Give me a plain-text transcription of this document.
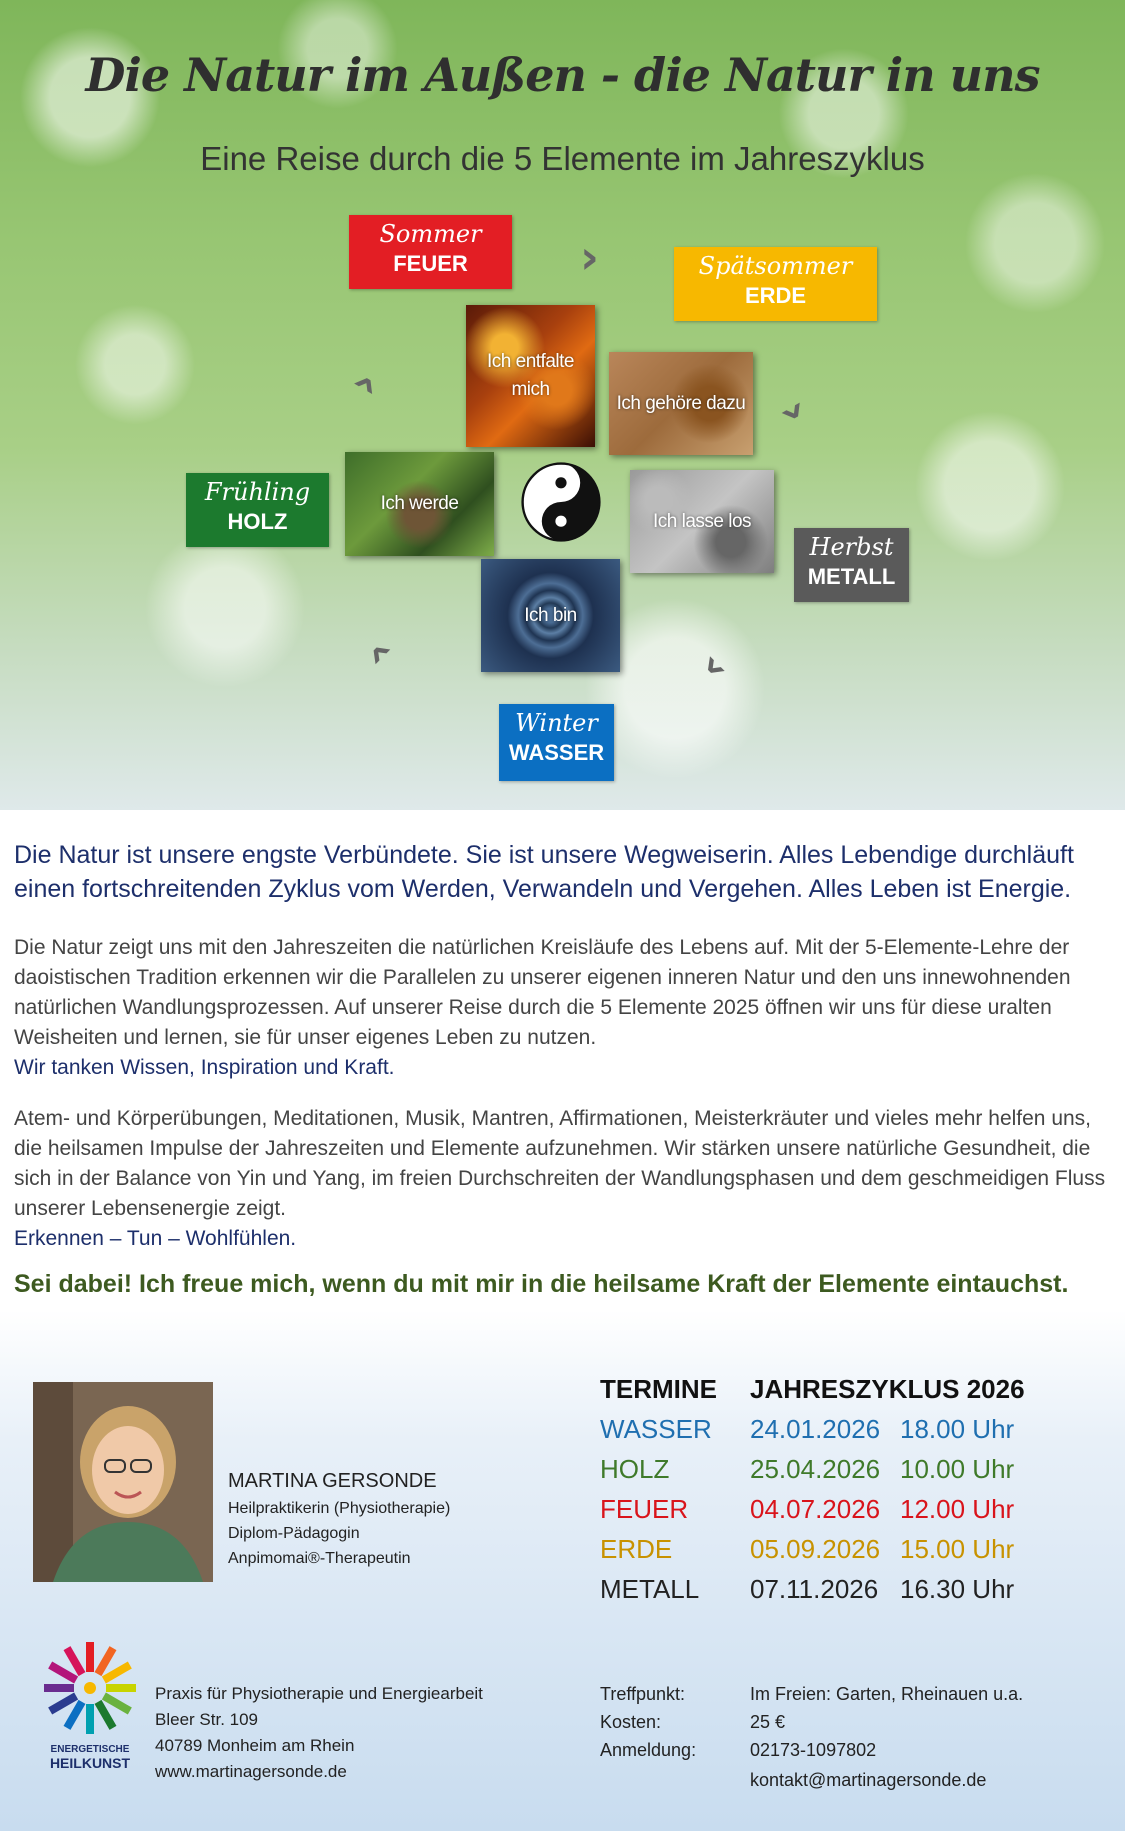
Die Natur im Außen - die Natur in uns
Eine Reise durch die 5 Elemente im Jahreszyklus
Sommer
FEUER	Spätsommer
ERDE
Frühling
HOLZ
Herbst
METALL
Winter
WASSER
›
›
›
›
›	Ich entfalte mich
Ich gehöre dazu
Ich werde
Ich lasse los
Ich bin
Die Natur ist unsere engste Verbündete. Sie ist unsere Wegweiserin. Alles Lebendige durchläuft einen fortschreitenden Zyklus vom Werden, Verwandeln und Vergehen. Alles Leben ist Energie.
Die Natur zeigt uns mit den Jahreszeiten die natürlichen Kreisläufe des Lebens auf. Mit der 5-Elemente-Lehre der daoistischen Tradition erkennen wir die Parallelen zu unserer eigenen inneren Natur und den uns innewohnenden natürlichen Wandlungsprozessen. Auf unserer Reise durch die 5 Elemente 2025 öffnen wir uns für diese uralten Weisheiten und lernen, sie für unser eigenes Leben zu nutzen.
Wir tanken Wissen, Inspiration und Kraft.
Atem- und Körperübungen, Meditationen, Musik, Mantren, Affirmationen, Meisterkräuter und vieles mehr helfen uns, die heilsamen Impulse der Jahreszeiten und Elemente aufzunehmen. Wir stärken unsere natürliche Gesundheit, die sich in der Balance von Yin und Yang, im freien Durchschreiten der Wandlungsphasen und dem geschmeidigen Fluss unserer Lebensenergie zeigt.
Erkennen – Tun – Wohlfühlen.
Sei dabei! Ich freue mich, wenn du mit mir in die heilsame Kraft der Elemente eintauchst.
MARTINA GERSONDE
Heilpraktikerin (Physiotherapie)
Diplom-Pädagogin
Anpimomai®-Therapeutin
TERMINE JAHRESZYKLUS 2026
WASSER 24.01.2026 18.00 Uhr
HOLZ	25.04.2026 10.00 Uhr
FEUER 04.07.2026 12.00 Uhr
ERDE	05.09.2026 15.00 Uhr
METALL 07.11.2026 16.30 Uhr
ENERGETISCHE
HEILKUNST
Praxis für Physiotherapie und Energiearbeit
Bleer Str. 109
40789 Monheim am Rhein
www.martinagersonde.de
Treffpunkt:	Im Freien: Garten, Rheinauen u.a.
Kosten:	25 €
Anmeldung:	02173-1097802
kontakt@martinagersonde.de
